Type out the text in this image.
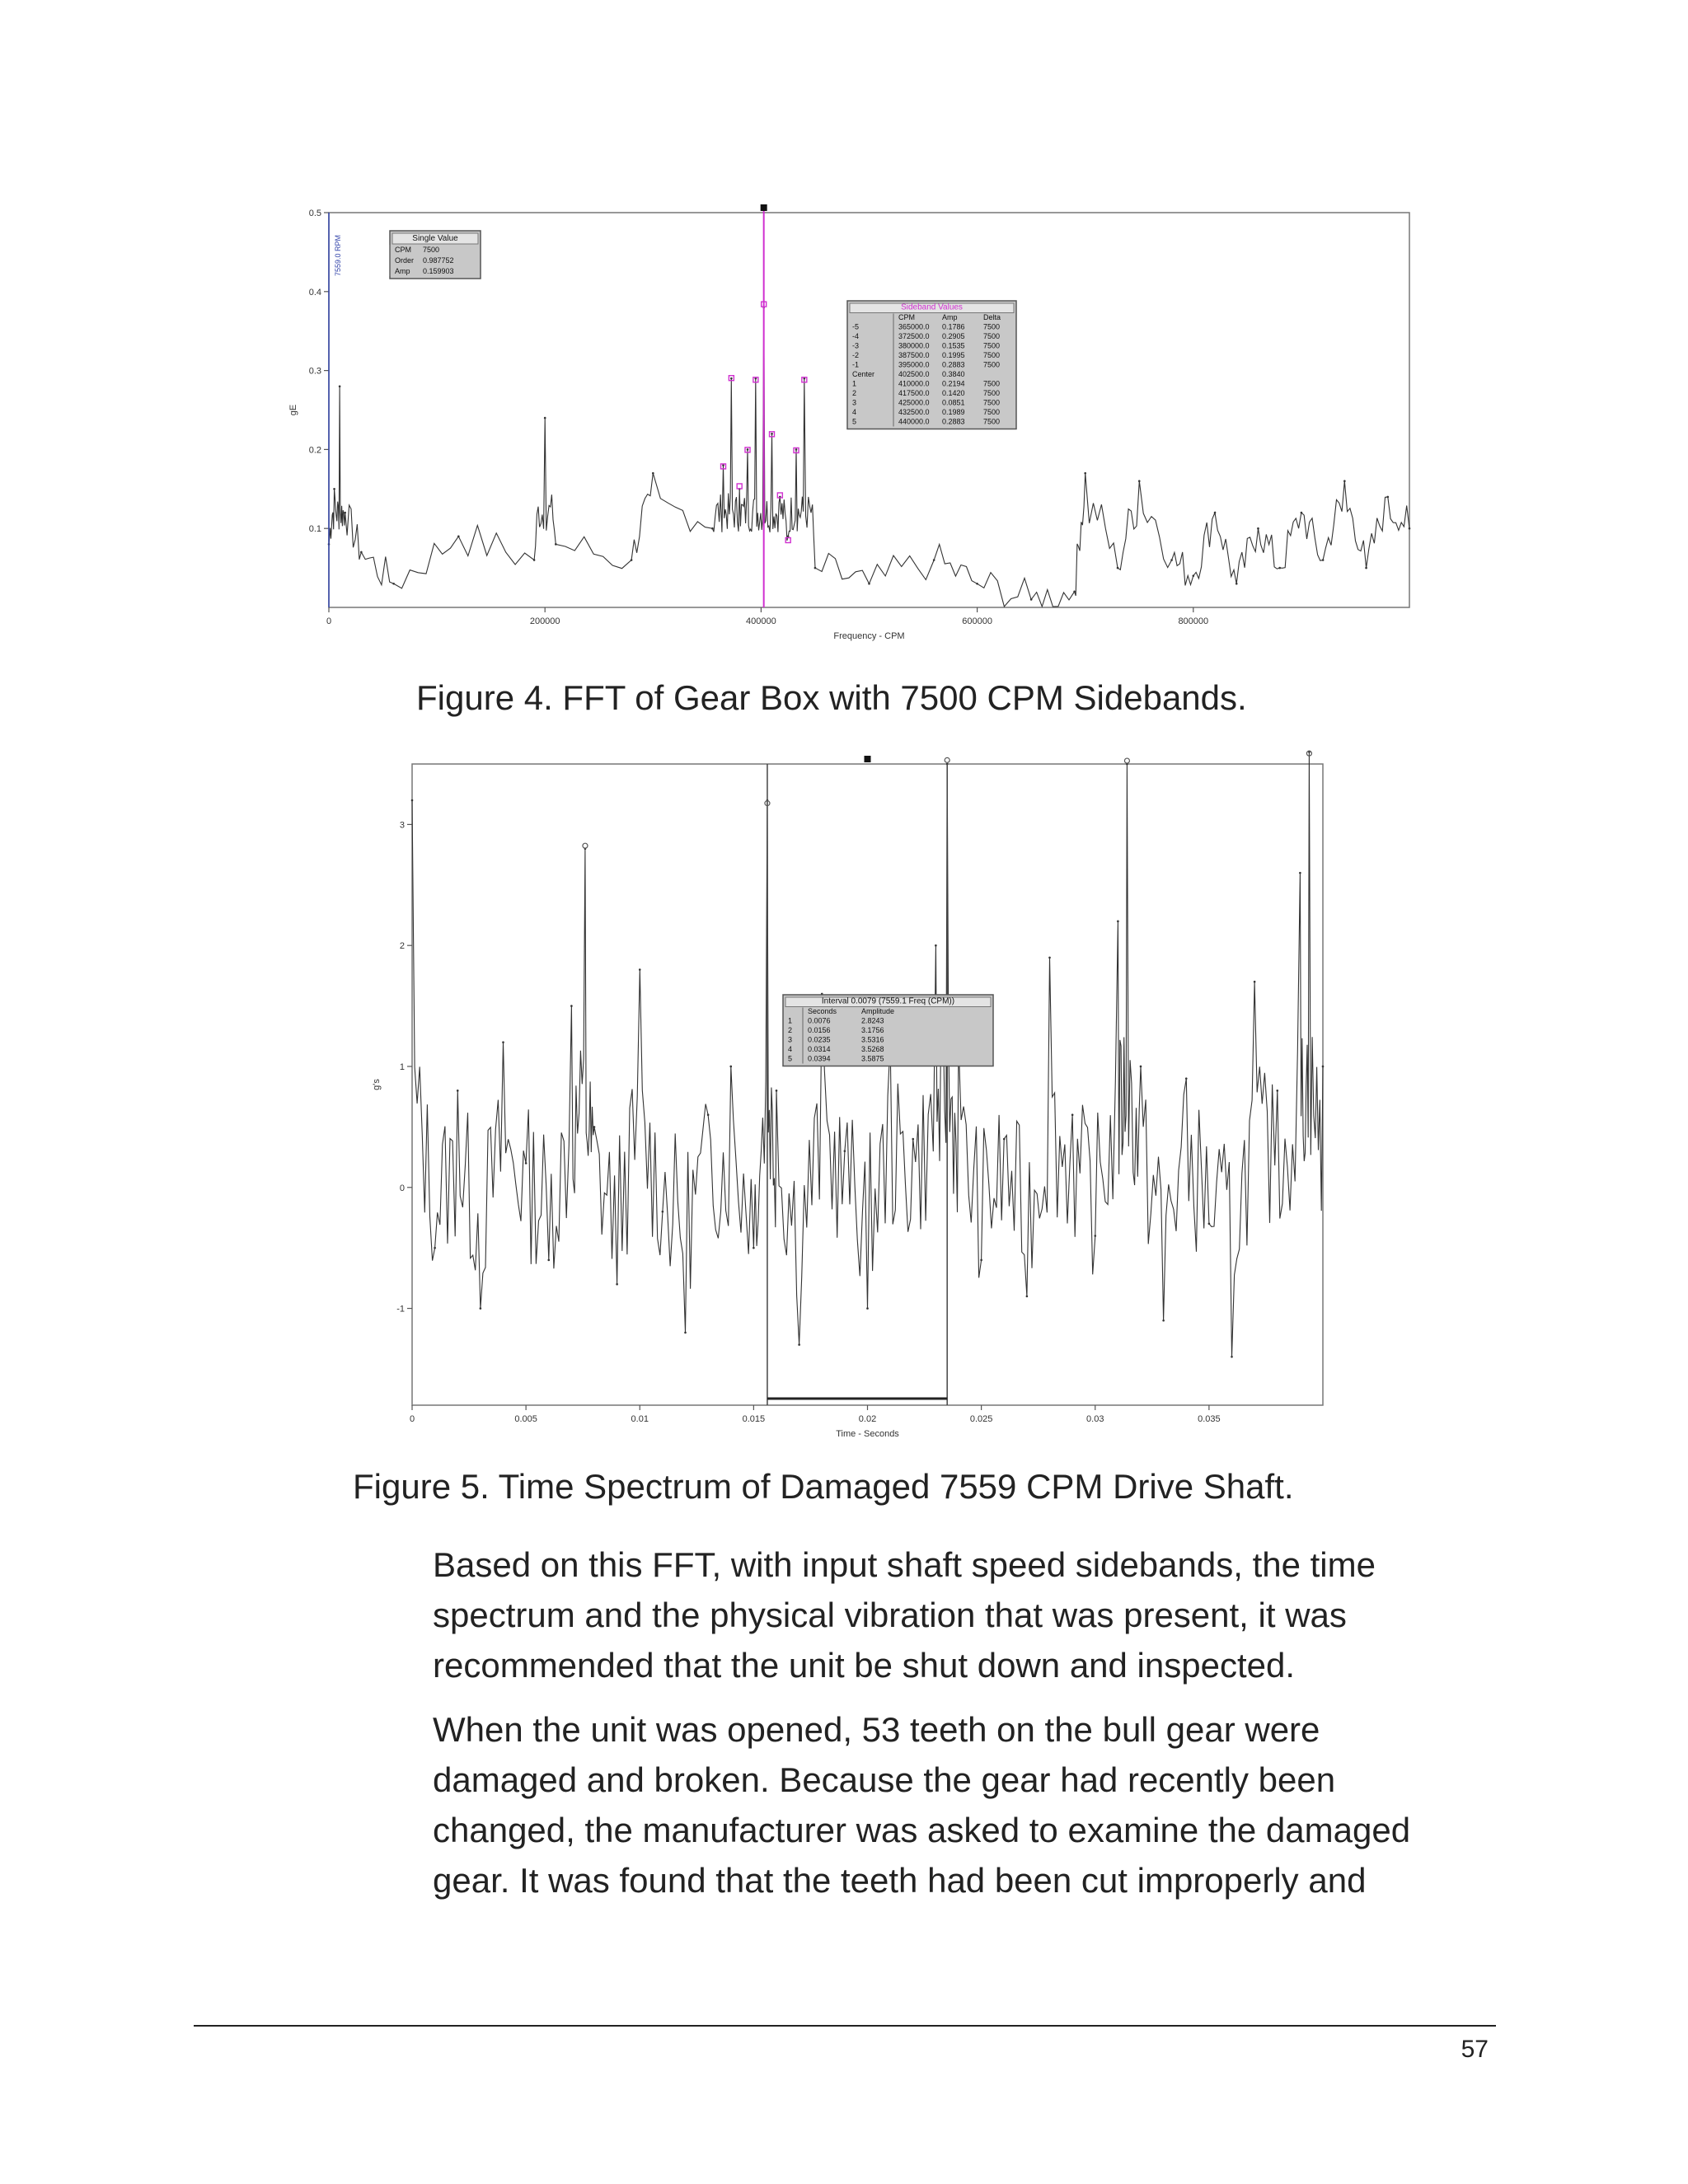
0	200000	400000	600000	800000
0.1
0.2
0.3
0.4
0.5
Frequency - CPM
gE
7559.0 RPM	Single Value
CPM 7500
Order 0.987752
Amp 0.159903
Sideband Values
CPM	Amp	Delta
-5	365000.0 0.1786 7500
-4	372500.0 0.2905 7500
-3	380000.0 0.1535 7500
-2	387500.0 0.1995 7500
-1	395000.0 0.2883 7500
Center	402500.0 0.3840
1	410000.0 0.2194 7500
2	417500.0 0.1420 7500
3	425000.0 0.0851 7500
4	432500.0 0.1989 7500
5	440000.0 0.2883 7500
Figure 4. FFT of Gear Box with 7500 CPM Sidebands.
0	0.005	0.01	0.015	0.02	0.025	0.03	0.035
-1
0
1
2
3
Time - Seconds
g's
Interval 0.0079 (7559.1 Freq (CPM))
Seconds	Amplitude
1 0.0076	2.8243
2 0.0156	3.1756
3 0.0235	3.5316
4 0.0314	3.5268
5 0.0394	3.5875
Figure 5. Time Spectrum of Damaged 7559 CPM Drive Shaft.
Based on this FFT, with input shaft speed sidebands, the time
spectrum and the physical vibration that was present, it was
recommended that the unit be shut down and inspected.
When the unit was opened, 53 teeth on the bull gear were
damaged and broken. Because the gear had recently been
changed, the manufacturer was asked to examine the damaged
gear. It was found that the teeth had been cut improperly and
57
